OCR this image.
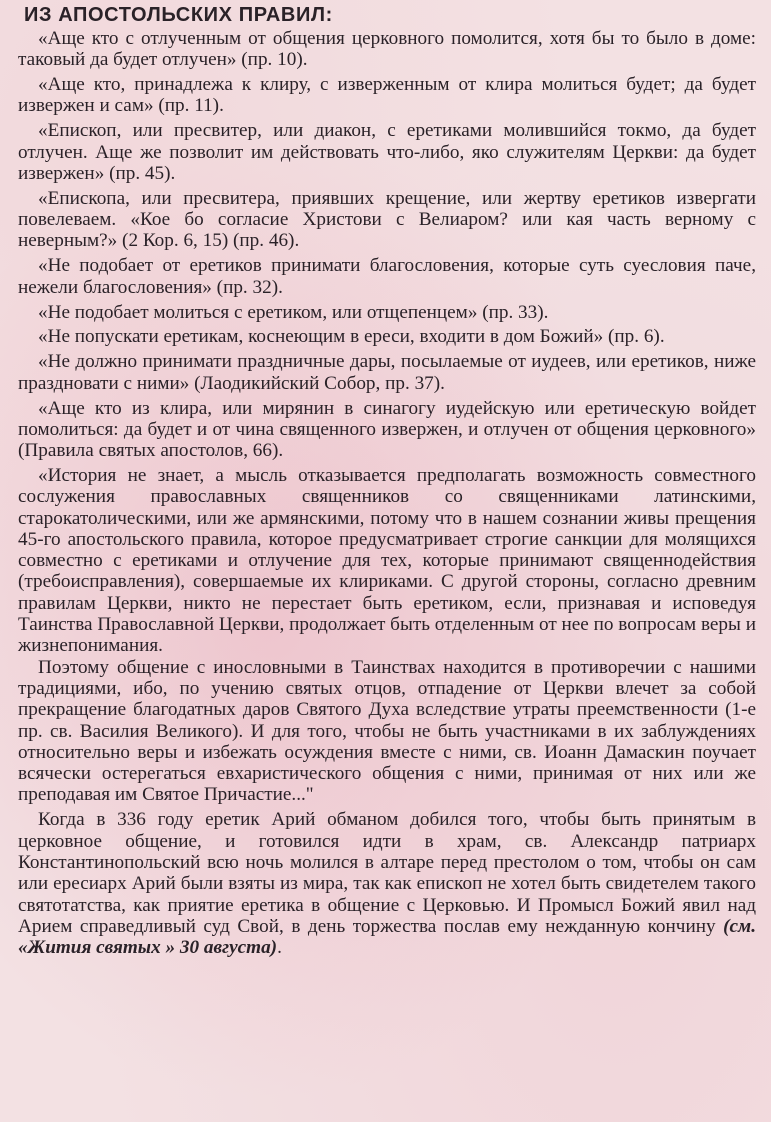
ИЗ АПОСТОЛЬСКИХ ПРАВИЛ:

«Аще кто с отлученным от общения церковного помолится, хотя бы то было в доме: таковый да будет отлучен» (пр. 10).

«Аще кто, принадлежа к клиру, с изверженным от клира молиться будет; да будет извержен и сам» (пр. 11).

«Епископ, или пресвитер, или диакон, с еретиками молившийся токмо, да будет отлучен. Аще же позволит им действовать что-либо, яко служителям Церкви: да будет извержен» (пр. 45).

«Епископа, или пресвитера, приявших крещение, или жертву еретиков извергати повелеваем. «Кое бо согласие Христови с Велиаром? или кая часть верному с неверным?» (2 Кор. 6, 15) (пр. 46).

«Не подобает от еретиков принимати благословения, которые суть суесловия паче, нежели благословения» (пр. 32).

«Не подобает молиться с еретиком, или отщепенцем» (пр. 33).

«Не попускати еретикам, коснеющим в ереси, входити в дом Божий» (пр. 6).

«Не должно принимати праздничные дары, посылаемые от иудеев, или еретиков, ниже праздновати с ними» (Лаодикийский Собор, пр. 37).

«Аще кто из клира, или мирянин в синагогу иудейскую или еретическую войдет помолиться: да будет и от чина священного извержен, и отлучен от общения церковного» (Правила святых апостолов, 66).

«История не знает, а мысль отказывается предполагать возможность совместного сослужения православных священников со священниками латинскими, старокатолическими, или же армянскими, потому что в нашем сознании живы прещения 45-го апостольского правила, которое предусматривает строгие санкции для молящихся совместно с еретиками и отлучение для тех, которые принимают священнодействия (требоисправления), совершаемые их клириками. С другой стороны, согласно древним правилам Церкви, никто не перестает быть еретиком, если, признавая и исповедуя Таинства Православной Церкви, продолжает быть отделенным от нее по вопросам веры и жизнепонимания.

Поэтому общение с инословными в Таинствах находится в противоречии с нашими традициями, ибо, по учению святых отцов, отпадение от Церкви влечет за собой прекращение благодатных даров Святого Духа вследствие утраты преемственности (1-е пр. св. Василия Великого). И для того, чтобы не быть участниками в их заблуждениях относительно веры и избежать осуждения вместе с ними, св. Иоанн Дамаскин поучает всячески остерегаться евхаристического общения с ними, принимая от них или же преподавая им Святое Причастие..."

Когда в 336 году еретик Арий обманом добился того, чтобы быть принятым в церковное общение, и готовился идти в храм, св. Александр патриарх Константинопольский всю ночь молился в алтаре перед престолом о том, чтобы он сам или ересиарх Арий были взяты из мира, так как епископ не хотел быть свидетелем такого святотатства, как приятие еретика в общение с Церковью. И Промысл Божий явил над Арием справедливый суд Свой, в день торжества послав ему нежданную кончину (см. «Жития святых » 30 августа).
